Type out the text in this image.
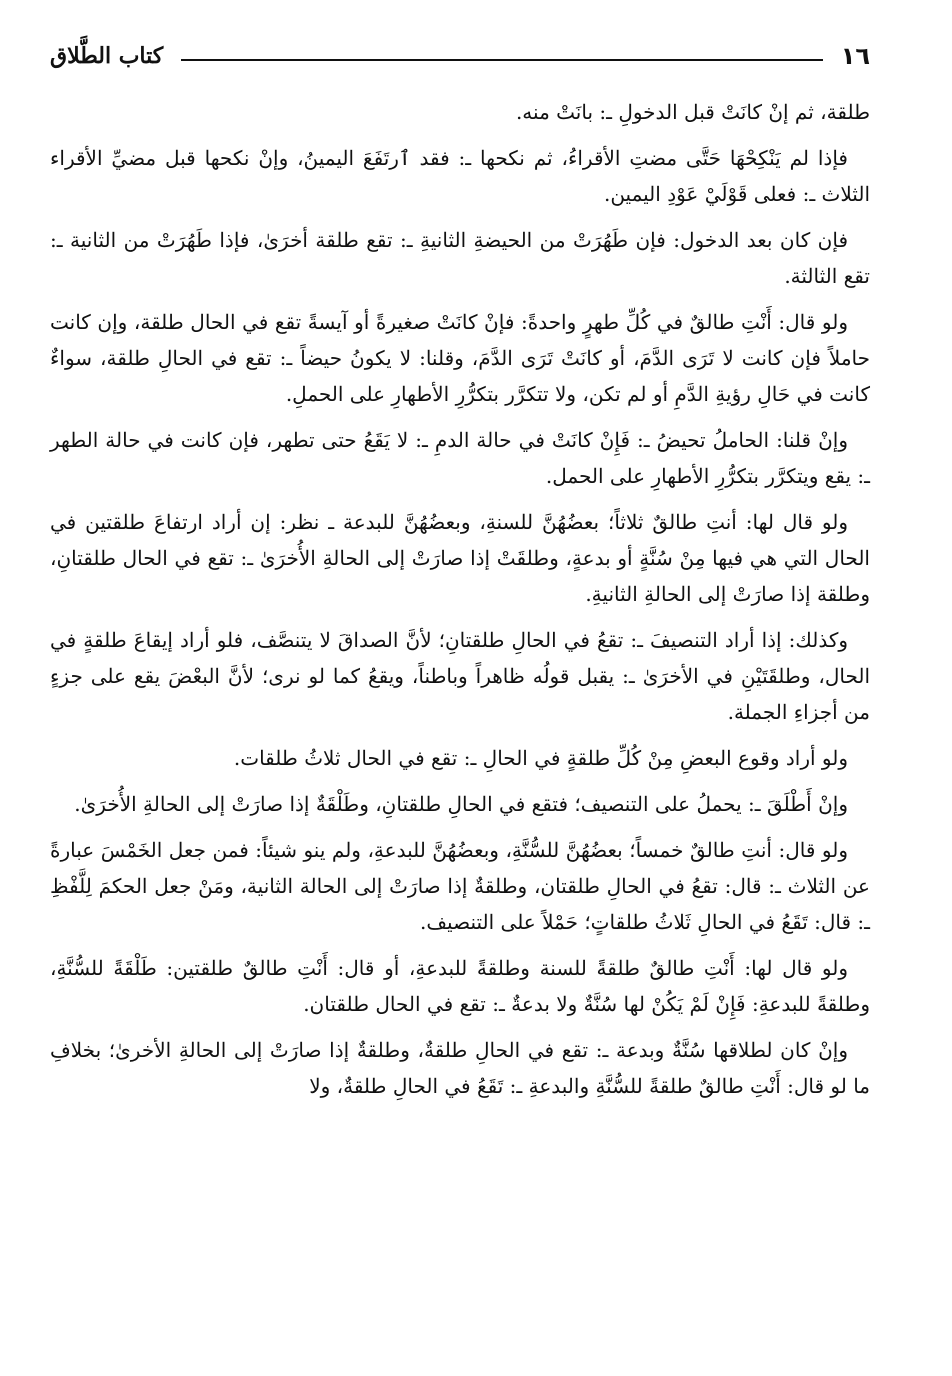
١٦
كتاب الطَّلاق

طلقة، ثم إنْ كانَتْ قبل الدخولِ ـ: بانَتْ منه.

فإذا لم يَنْكِحْهَا حَتَّى مضتِ الأقراءُ، ثم نكحها ـ: فقد ٱرتَفَعَ اليمينُ، وإنْ نكحها قبل مضيِّ الأقراء الثلاث ـ: فعلى قَوْلَيْ عَوْدِ اليمين.

فإن كان بعد الدخول: فإن طَهُرَتْ من الحيضةِ الثانيةِ ـ: تقع طلقة أخرَىٰ، فإذا طَهُرَتْ من الثانية ـ: تقع الثالثة.

ولو قال: أَنْتِ طالقٌ في كُلِّ طهرٍ واحدةً: فإنْ كانَتْ صغيرةً أو آيسةً تقع في الحال طلقة، وإن كانت حاملاً فإن كانت لا تَرَى الدَّمَ، أو كانَتْ تَرَى الدَّمَ، وقلنا: لا يكونُ حيضاً ـ: تقع في الحالِ طلقة، سواءٌ كانت في حَالِ رؤيةِ الدَّمِ أو لم تكن، ولا تتكرَّر بتكرُّرِ الأطهارِ على الحملِ.

وإنْ قلنا: الحاملُ تحيضُ ـ: فَإِنْ كانَتْ في حالة الدمِ ـ: لا يَقَعُ حتى تطهر، فإن كانت في حالة الطهر ـ: يقع ويتكرَّر بتكرُّرِ الأطهارِ على الحمل.

ولو قال لها: أنتِ طالقٌ ثلاثاً؛ بعضُهُنَّ للسنةِ، وبعضُهُنَّ للبدعة ـ نظر: إن أراد ارتفاعَ طلقتين في الحال التي هي فيها مِنْ سُنَّةٍ أو بدعةٍ، وطلقَتْ إذا صارَتْ إلى الحالةِ الأُخرَىٰ ـ: تقع في الحال طلقتانِ، وطلقة إذا صارَتْ إلى الحالةِ الثانيةِ.

وكذلك: إذا أراد التنصيفَ ـ: تقعُ في الحالِ طلقتانِ؛ لأنَّ الصداقَ لا يتنصَّف، فلو أراد إيقاعَ طلقةٍ في الحال، وطلقَتَيْنِ في الأخرَىٰ ـ: يقبل قولُه ظاهراً وباطناً، ويقعُ كما لو نرى؛ لأنَّ البعْضَ يقع على جزءٍ من أجزاءِ الجملة.

ولو أراد وقوع البعضِ مِنْ كُلِّ طلقةٍ في الحالِ ـ: تقع في الحال ثلاثُ طلقات.

وإنْ أَطْلَقَ ـ: يحملُ على التنصيف؛ فتقع في الحالِ طلقتانِ، وطَلْقَةٌ إذا صارَتْ إلى الحالةِ الأُخرَىٰ.

ولو قال: أنتِ طالقٌ خمساً؛ بعضُهُنَّ للسُّنَّةِ، وبعضُهُنَّ للبدعةِ، ولم ينو شيئاً: فمن جعل الخَمْسَ عبارةً عن الثلاث ـ: قال: تقعُ في الحالِ طلقتان، وطلقةٌ إذا صارَتْ إلى الحالة الثانية، ومَنْ جعل الحكمَ لِلَّفْظِ ـ: قال: تَقَعُ في الحالِ ثَلاثُ طلقاتٍ؛ حَمْلاً على التنصيف.

ولو قال لها: أَنْتِ طالقٌ طلقةً للسنة وطلقةً للبدعةِ، أو قال: أَنْتِ طالقٌ طلقتين: طَلْقَةً للسُّنَّةِ، وطلقةً للبدعةِ: فَإِنْ لَمْ يَكُنْ لها سُنَّةٌ ولا بدعةٌ ـ: تقع في الحال طلقتان.

وإنْ كان لطلاقها سُنَّةٌ وبدعة ـ: تقع في الحالِ طلقةٌ، وطلقةٌ إذا صارَتْ إلى الحالةِ الأخرىٰ؛ بخلافِ ما لو قال: أَنْتِ طالقٌ طلقةً للسُّنَّةِ والبدعةِ ـ: تَقَعُ في الحالِ طلقةٌ، ولا
